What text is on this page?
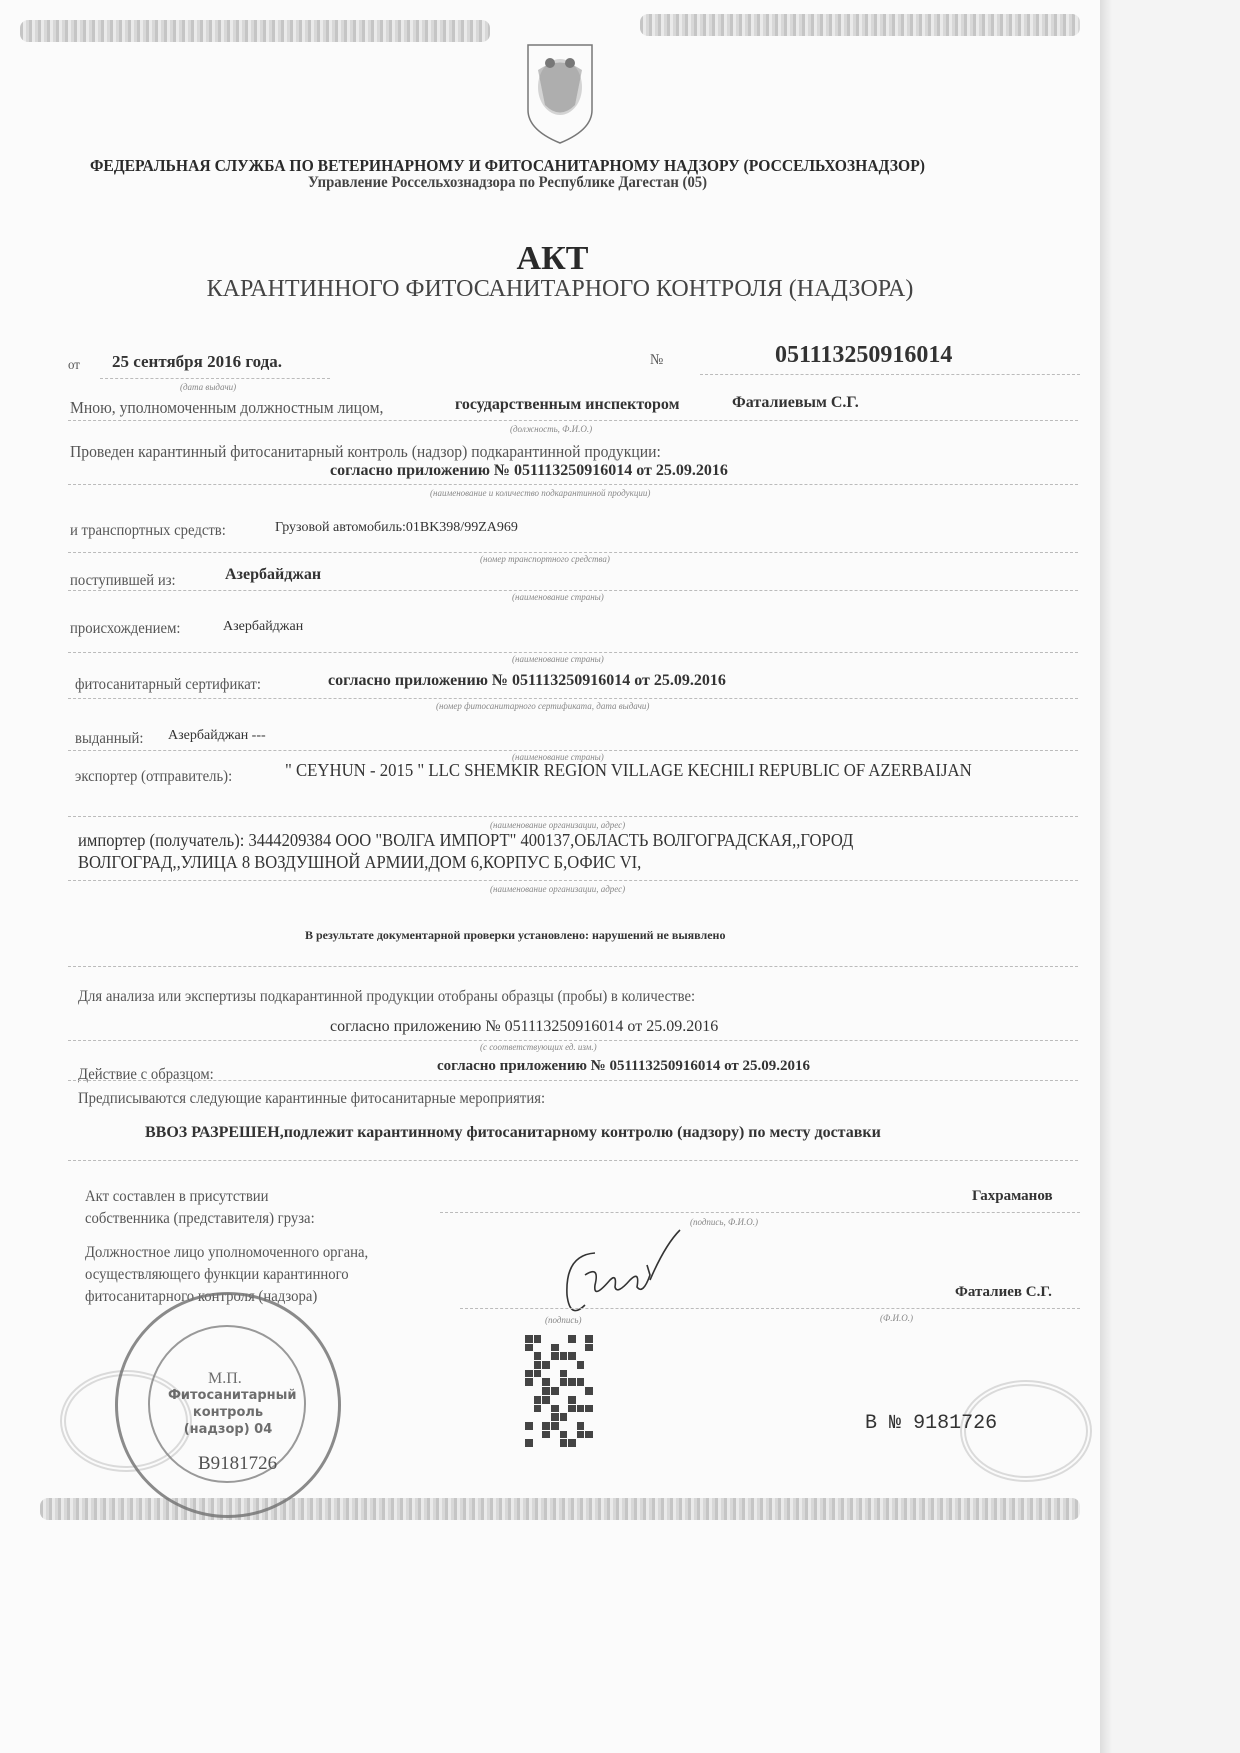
ФЕДЕРАЛЬНАЯ СЛУЖБА ПО ВЕТЕРИНАРНОМУ И ФИТОСАНИТАРНОМУ НАДЗОРУ (РОССЕЛЬХОЗНАДЗОР)
Управление Россельхознадзора по Республике Дагестан (05)
АКТ
КАРАНТИННОГО ФИТОСАНИТАРНОГО КОНТРОЛЯ (НАДЗОРА)
от 25 сентября 2016 года.
(дата выдачи)
№	051113250916014
Мною, уполномоченным должностным лицом,	государственным инспектором	Фаталиевым С.Г.
(должность, Ф.И.О.)
Проведен карантинный фитосанитарный контроль (надзор) подкарантинной продукции:
согласно приложению № 051113250916014 от 25.09.2016
(наименование и количество подкарантинной продукции)
и транспортных средств:	Грузовой автомобиль:01BK398/99ZA969
(номер транспортного средства)
поступившей из:	Азербайджан
(наименование страны)
происхождением:	Азербайджан
(наименование страны)
фитосанитарный сертификат:	согласно приложению № 051113250916014 от 25.09.2016
(номер фитосанитарного сертификата, дата выдачи)
выданный: Азербайджан ---
(наименование страны)
экспортер (отправитель):	" CEYHUN - 2015 " LLC SHEMKIR REGION VILLAGE KECHILI REPUBLIC OF AZERBAIJAN
(наименование организации, адрес)
импортер (получатель): 3444209384 ООО "ВОЛГА ИМПОРТ" 400137,ОБЛАСТЬ ВОЛГОГРАДСКАЯ,,ГОРОД
ВОЛГОГРАД,,УЛИЦА 8 ВОЗДУШНОЙ АРМИИ,ДОМ 6,КОРПУС Б,ОФИС VI,
(наименование организации, адрес)
В результате документарной проверки установлено: нарушений не выявлено
Для анализа или экспертизы подкарантинной продукции отобраны образцы (пробы) в количестве:
согласно приложению № 051113250916014 от 25.09.2016
(с соответствующих ед. изм.)
Действие с образцом:	согласно приложению № 051113250916014 от 25.09.2016
Предписываются следующие карантинные фитосанитарные мероприятия:
ВВОЗ РАЗРЕШЕН,подлежит карантинному фитосанитарному контролю (надзору) по месту доставки
Акт составлен в присутствии
собственника (представителя) груза:
Гахраманов
(подпись, Ф.И.О.)
Должностное лицо уполномоченного органа,
осуществляющего функции карантинного
фитосанитарного контроля (надзора)	Фаталиев С.Г.
(подпись)	(Ф.И.О.)
М.П.
Фитосанитарный контроль (надзор) 04
B9181726
В № 9181726
